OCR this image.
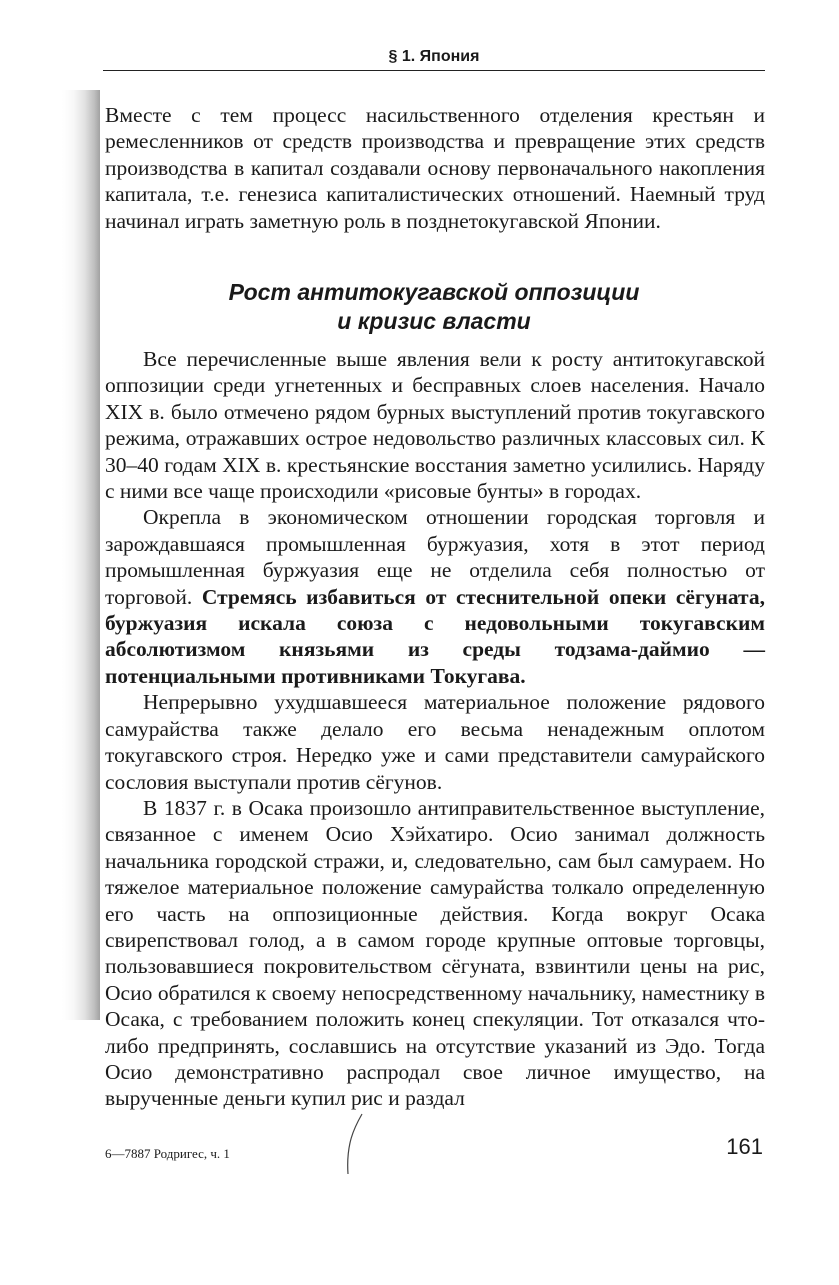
§ 1. Япония

Вместе с тем процесс насильственного отделения крестьян и ремесленников от средств производства и превращение этих средств производства в капитал создавали основу первоначального накопления капитала, т.е. генезиса капиталистических отношений. Наемный труд начинал играть заметную роль в позднетокугавской Японии.

Рост антитокугавской оппозиции
и кризис власти

Все перечисленные выше явления вели к росту антитокугавской оппозиции среди угнетенных и бесправных слоев населения. Начало XIX в. было отмечено рядом бурных выступлений против токугавского режима, отражавших острое недовольство различных классовых сил. К 30–40 годам XIX в. крестьянские восстания заметно усилились. Наряду с ними все чаще происходили «рисовые бунты» в городах.

Окрепла в экономическом отношении городская торговля и зарождавшаяся промышленная буржуазия, хотя в этот период промышленная буржуазия еще не отделила себя полностью от торговой. Стремясь избавиться от стеснительной опеки сёгуната, буржуазия искала союза с недовольными токугавским абсолютизмом князьями из среды тодзама-даймио — потенциальными противниками Токугава.

Непрерывно ухудшавшееся материальное положение рядового самурайства также делало его весьма ненадежным оплотом токугавского строя. Нередко уже и сами представители самурайского сословия выступали против сёгунов.

В 1837 г. в Осака произошло антиправительственное выступление, связанное с именем Осио Хэйхатиро. Осио занимал должность начальника городской стражи, и, следовательно, сам был самураем. Но тяжелое материальное положение самурайства толкало определенную его часть на оппозиционные действия. Когда вокруг Осака свирепствовал голод, а в самом городе крупные оптовые торговцы, пользовавшиеся покровительством сёгуната, взвинтили цены на рис, Осио обратился к своему непосредственному начальнику, наместнику в Осака, с требованием положить конец спекуляции. Тот отказался что-либо предпринять, сославшись на отсутствие указаний из Эдо. Тогда Осио демонстративно распродал свое личное имущество, на вырученные деньги купил рис и раздал

6—7887 Родригес, ч. 1	161
